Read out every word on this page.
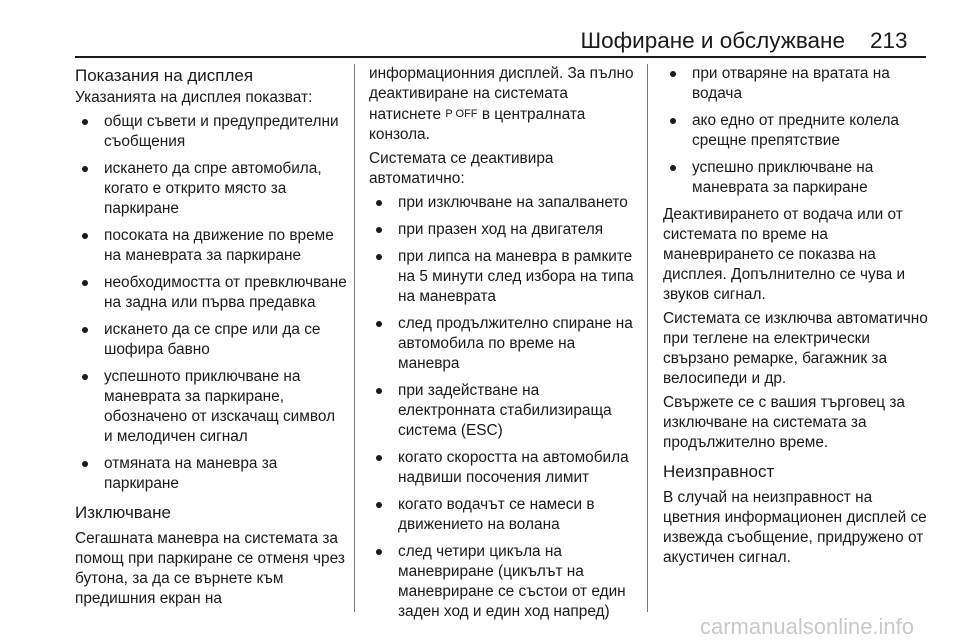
Шофиране и обслужване 213
Показания на дисплея

Указанията на дисплея показват:

общи съвети и предупредителни съобщения
искането да спре автомобила, когато е открито място за паркиране
посоката на движение по време на маневрата за паркиране
необходимостта от превключване на задна или първа предавка
искането да се спре или да се шофира бавно
успешното приключване на маневрата за паркиране, обозначено от изскачащ символ и мелодичен сигнал
отмяната на маневра за паркиране
Изключване

Сегашната маневра на системата за помощ при паркиране се отменя чрез бутона, за да се върнете към предишния екран на

информационния дисплей. За пълно деактивиране на системата натиснете P OFF в централната конзола.

Системата се деактивира автоматично:

при изключване на запалването
при празен ход на двигателя
при липса на маневра в рамките на 5 минути след избора на типа на маневрата
след продължително спиране на автомобила по време на маневра
при задействане на електронната стабилизираща система (ESC)
когато скоростта на автомобила надвиши посочения лимит
когато водачът се намеси в движението на волана
след четири цикъла на маневриране (цикълът на маневриране се състои от един заден ход и един ход напред)
при отваряне на вратата на водача
ако едно от предните колела срещне препятствие
успешно приключване на маневрата за паркиране

Деактивирането от водача или от системата по време на маневрирането се показва на дисплея. Допълнително се чува и звуков сигнал.

Системата се изключва автоматично при теглене на електрически свързано ремарке, багажник за велосипеди и др.

Свържете се с вашия търговец за изключване на системата за продължително време.

Неизправност

В случай на неизправност на цветния информационен дисплей се извежда съобщение, придружено от акустичен сигнал.

carmanualsonline.info
